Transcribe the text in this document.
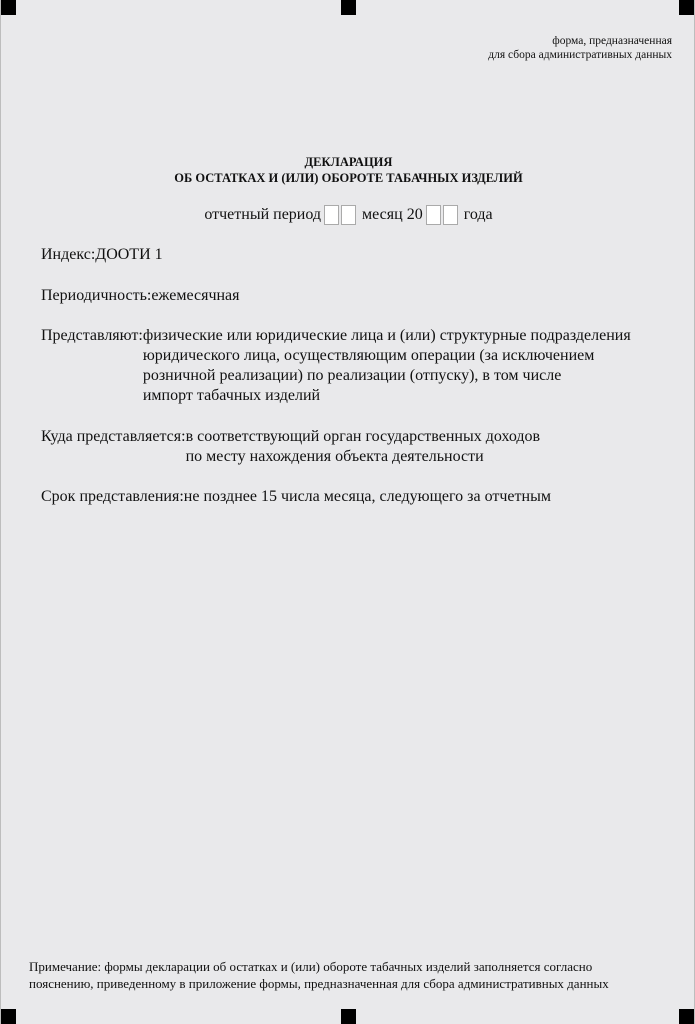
форма, предназначенная
для сбора административных данных
ДЕКЛАРАЦИЯ
ОБ ОСТАТКАХ И (ИЛИ) ОБОРОТЕ ТАБАЧНЫХ ИЗДЕЛИЙ
отчетный период	месяц 20	года
Индекс: ДООТИ 1
Периодичность: ежемесячная
Представляют: физические или юридические лица и (или) структурные подразделения
юридического лица, осуществляющим операции (за исключением
розничной реализации) по реализации (отпуску), в том числе
импорт табачных изделий
Куда представляется: в соответствующий орган государственных доходов
по месту нахождения объекта деятельности
Срок представления: не позднее 15 числа месяца, следующего за отчетным
Примечание: формы декларации об остатках и (или) обороте табачных изделий заполняется согласно
пояснению, приведенному в приложение формы, предназначенная для сбора административных данных
